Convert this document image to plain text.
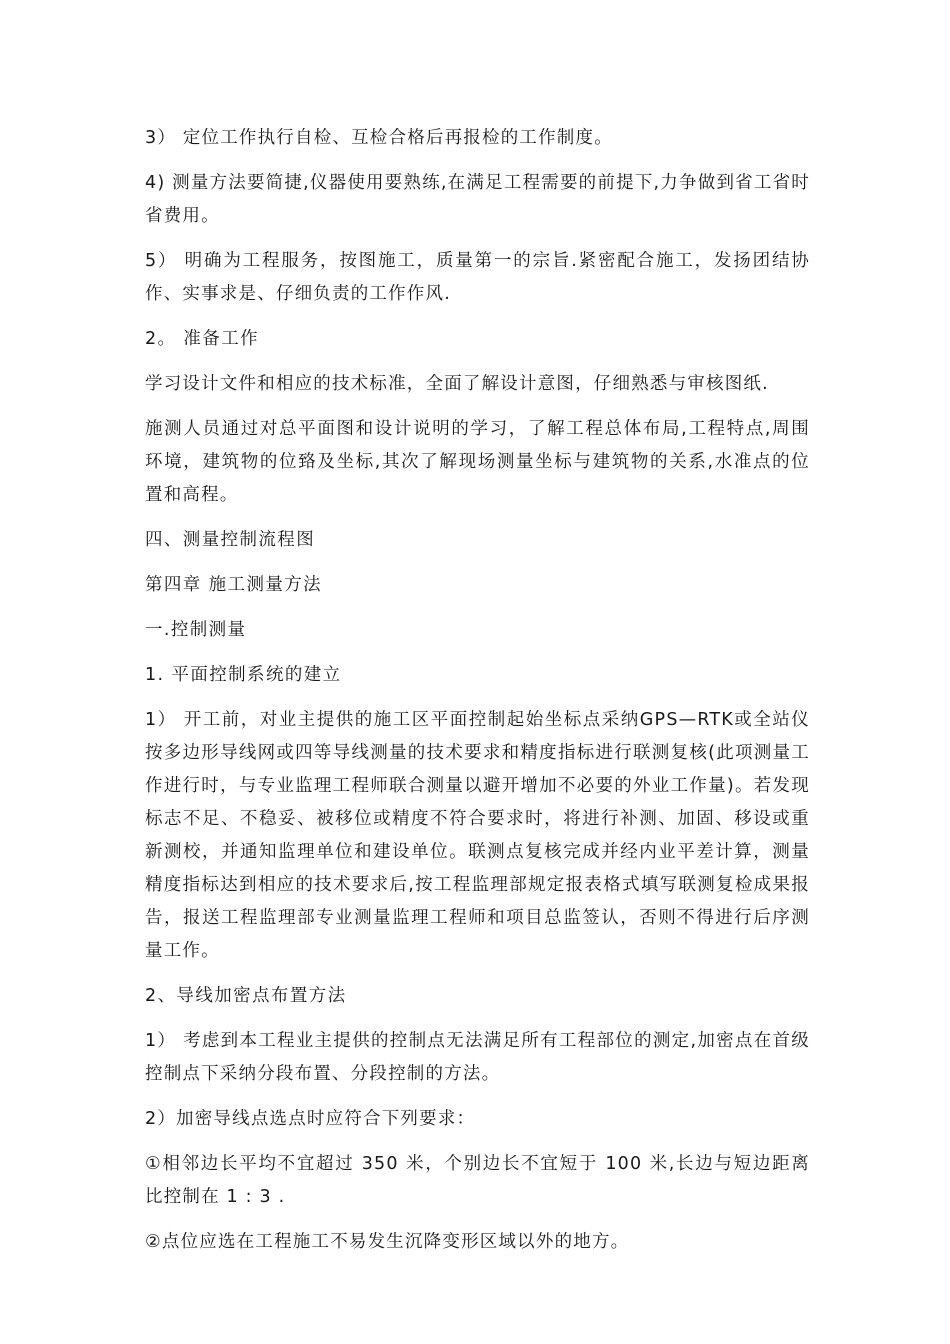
3） 定位工作执行自检、互检合格后再报检的工作制度。

4) 测量方法要简捷,仪器使用要熟练,在满足工程需要的前提下,力争做到省工省时省费用。

5） 明确为工程服务，按图施工，质量第一的宗旨.紧密配合施工，发扬团结协作、实事求是、仔细负责的工作作风.

2。 准备工作

学习设计文件和相应的技术标准，全面了解设计意图，仔细熟悉与审核图纸.

施测人员通过对总平面图和设计说明的学习，了解工程总体布局,工程特点,周围环境，建筑物的位臵及坐标,其次了解现场测量坐标与建筑物的关系,水准点的位置和高程。

四、测量控制流程图

第四章 施工测量方法

一.控制测量

1. 平面控制系统的建立

1） 开工前，对业主提供的施工区平面控制起始坐标点采纳GPS—RTK或全站仪按多边形导线网或四等导线测量的技术要求和精度指标进行联测复核(此项测量工作进行时，与专业监理工程师联合测量以避开增加不必要的外业工作量)。若发现标志不足、不稳妥、被移位或精度不符合要求时，将进行补测、加固、移设或重新测校，并通知监理单位和建设单位。联测点复核完成并经内业平差计算，测量精度指标达到相应的技术要求后,按工程监理部规定报表格式填写联测复检成果报告，报送工程监理部专业测量监理工程师和项目总监签认，否则不得进行后序测量工作。

2、导线加密点布置方法

1） 考虑到本工程业主提供的控制点无法满足所有工程部位的测定,加密点在首级控制点下采纳分段布置、分段控制的方法。

2）加密导线点选点时应符合下列要求：

①相邻边长平均不宜超过 350 米，个别边长不宜短于 100 米,长边与短边距离比控制在 1 : 3 .

②点位应选在工程施工不易发生沉降变形区域以外的地方。
